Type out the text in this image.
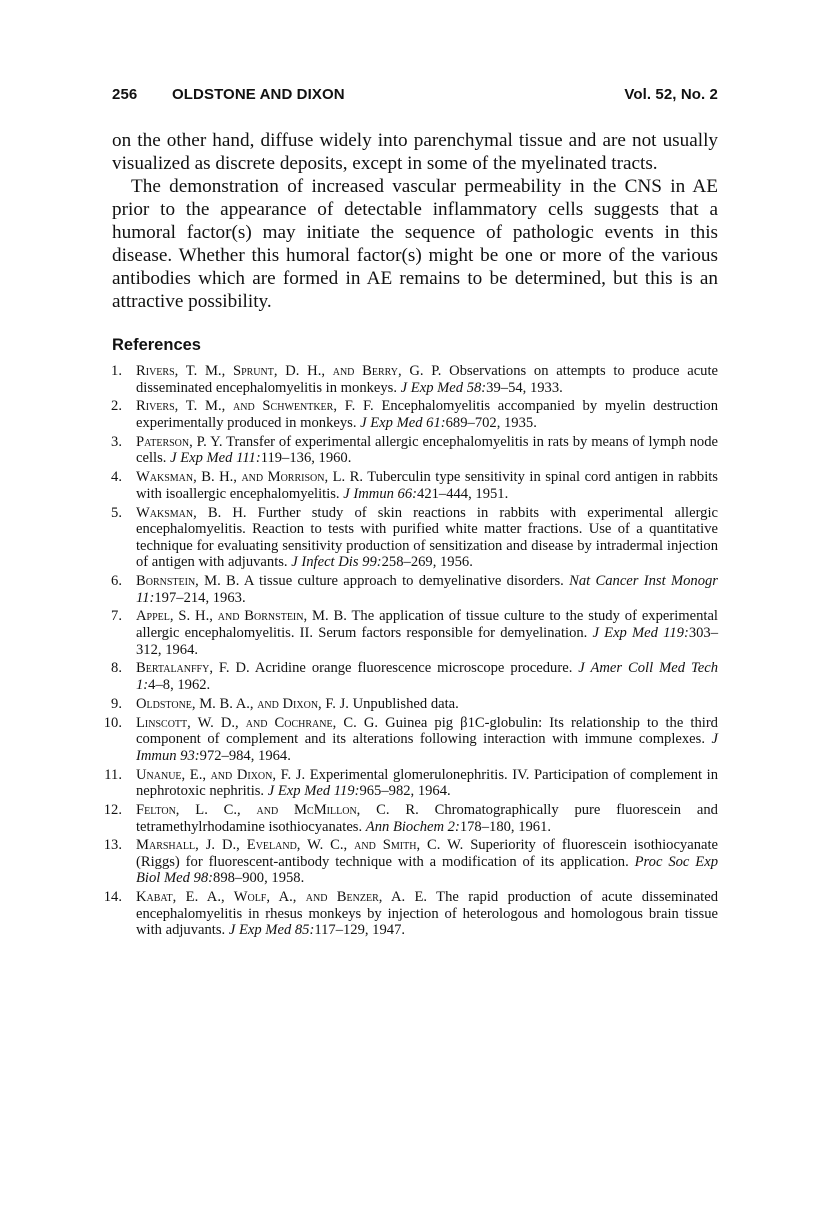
256	OLDSTONE AND DIXON	Vol. 52, No. 2

on the other hand, diffuse widely into parenchymal tissue and are not usually visualized as discrete deposits, except in some of the myelinated tracts.

The demonstration of increased vascular permeability in the CNS in AE prior to the appearance of detectable inflammatory cells suggests that a humoral factor(s) may initiate the sequence of pathologic events in this disease. Whether this humoral factor(s) might be one or more of the various antibodies which are formed in AE remains to be determined, but this is an attractive possibility.

References
1. Rivers, T. M., Sprunt, D. H., and Berry, G. P. Observations on attempts to produce acute disseminated encephalomyelitis in monkeys. J Exp Med 58:39–54, 1933.
2. Rivers, T. M., and Schwentker, F. F. Encephalomyelitis accompanied by myelin destruction experimentally produced in monkeys. J Exp Med 61:689–702, 1935.
3. Paterson, P. Y. Transfer of experimental allergic encephalomyelitis in rats by means of lymph node cells. J Exp Med 111:119–136, 1960.
4. Waksman, B. H., and Morrison, L. R. Tuberculin type sensitivity in spinal cord antigen in rabbits with isoallergic encephalomyelitis. J Immun 66:421–444, 1951.
5. Waksman, B. H. Further study of skin reactions in rabbits with experimental allergic encephalomyelitis. Reaction to tests with purified white matter fractions. Use of a quantitative technique for evaluating sensitivity production of sensitization and disease by intradermal injection of antigen with adjuvants. J Infect Dis 99:258–269, 1956.
6. Bornstein, M. B. A tissue culture approach to demyelinative disorders. Nat Cancer Inst Monogr 11:197–214, 1963.
7. Appel, S. H., and Bornstein, M. B. The application of tissue culture to the study of experimental allergic encephalomyelitis. II. Serum factors responsible for demyelination. J Exp Med 119:303–312, 1964.
8. Bertalanffy, F. D. Acridine orange fluorescence microscope procedure. J Amer Coll Med Tech 1:4–8, 1962.
9. Oldstone, M. B. A., and Dixon, F. J. Unpublished data.
10. Linscott, W. D., and Cochrane, C. G. Guinea pig β1C-globulin: Its relationship to the third component of complement and its alterations following interaction with immune complexes. J Immun 93:972–984, 1964.
11. Unanue, E., and Dixon, F. J. Experimental glomerulonephritis. IV. Participation of complement in nephrotoxic nephritis. J Exp Med 119:965–982, 1964.
12. Felton, L. C., and McMillon, C. R. Chromatographically pure fluorescein and tetramethylrhodamine isothiocyanates. Ann Biochem 2:178–180, 1961.
13. Marshall, J. D., Eveland, W. C., and Smith, C. W. Superiority of fluorescein isothiocyanate (Riggs) for fluorescent-antibody technique with a modification of its application. Proc Soc Exp Biol Med 98:898–900, 1958.
14. Kabat, E. A., Wolf, A., and Benzer, A. E. The rapid production of acute disseminated encephalomyelitis in rhesus monkeys by injection of heterologous and homologous brain tissue with adjuvants. J Exp Med 85:117–129, 1947.
